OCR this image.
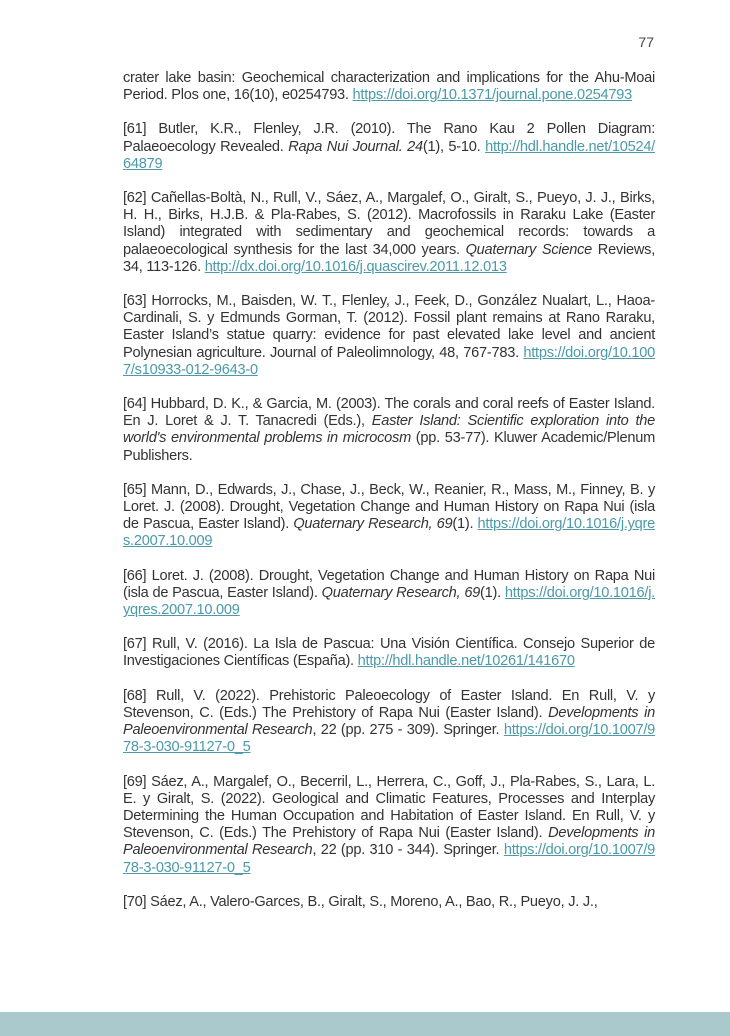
77

crater lake basin: Geochemical characterization and implications for the Ahu-Moai Period. Plos one, 16(10), e0254793. https://doi.org/10.1371/journal.pone.0254793

[61] Butler, K.R., Flenley, J.R. (2010). The Rano Kau 2 Pollen Diagram: Palaeoecology Revealed. Rapa Nui Journal. 24(1), 5-10. http://hdl.handle.net/10524/64879

[62] Cañellas-Boltà, N., Rull, V., Sáez, A., Margalef, O., Giralt, S., Pueyo, J. J., Birks, H. H., Birks, H.J.B. & Pla-Rabes, S. (2012). Macrofossils in Raraku Lake (Easter Island) integrated with sedimentary and geochemical records: towards a palaeoecological synthesis for the last 34,000 years. Quaternary Science Reviews, 34, 113-126. http://dx.doi.org/10.1016/j.quascirev.2011.12.013

[63] Horrocks, M., Baisden, W. T., Flenley, J., Feek, D., González Nualart, L., Haoa-Cardinali, S. y Edmunds Gorman, T. (2012). Fossil plant remains at Rano Raraku, Easter Island’s statue quarry: evidence for past elevated lake level and ancient Polynesian agriculture. Journal of Paleolimnology, 48, 767-783. https://doi.org/10.1007/s10933-012-9643-0

[64] Hubbard, D. K., & Garcia, M. (2003). The corals and coral reefs of Easter Island. En J. Loret & J. T. Tanacredi (Eds.), Easter Island: Scientific exploration into the world's environmental problems in microcosm (pp. 53-77). Kluwer Academic/Plenum Publishers.

[65] Mann, D., Edwards, J., Chase, J., Beck, W., Reanier, R., Mass, M., Finney, B. y Loret. J. (2008). Drought, Vegetation Change and Human History on Rapa Nui (isla de Pascua, Easter Island). Quaternary Research, 69(1). https://doi.org/10.1016/j.yqres.2007.10.009

[66] Loret. J. (2008). Drought, Vegetation Change and Human History on Rapa Nui (isla de Pascua, Easter Island). Quaternary Research, 69(1). https://doi.org/10.1016/j.yqres.2007.10.009

[67] Rull, V. (2016). La Isla de Pascua: Una Visión Científica. Consejo Superior de Investigaciones Científicas (España). http://hdl.handle.net/10261/141670

[68] Rull, V. (2022). Prehistoric Paleoecology of Easter Island. En Rull, V. y Stevenson, C. (Eds.) The Prehistory of Rapa Nui (Easter Island). Developments in Paleoenvironmental Research, 22 (pp. 275 - 309). Springer. https://doi.org/10.1007/978-3-030-91127-0_5

[69] Sáez, A., Margalef, O., Becerril, L., Herrera, C., Goff, J., Pla-Rabes, S., Lara, L. E. y Giralt, S. (2022). Geological and Climatic Features, Processes and Interplay Determining the Human Occupation and Habitation of Easter Island. En Rull, V. y Stevenson, C. (Eds.) The Prehistory of Rapa Nui (Easter Island). Developments in Paleoenvironmental Research, 22 (pp. 310 - 344). Springer. https://doi.org/10.1007/978-3-030-91127-0_5

[70] Sáez, A., Valero-Garces, B., Giralt, S., Moreno, A., Bao, R., Pueyo, J. J.,
